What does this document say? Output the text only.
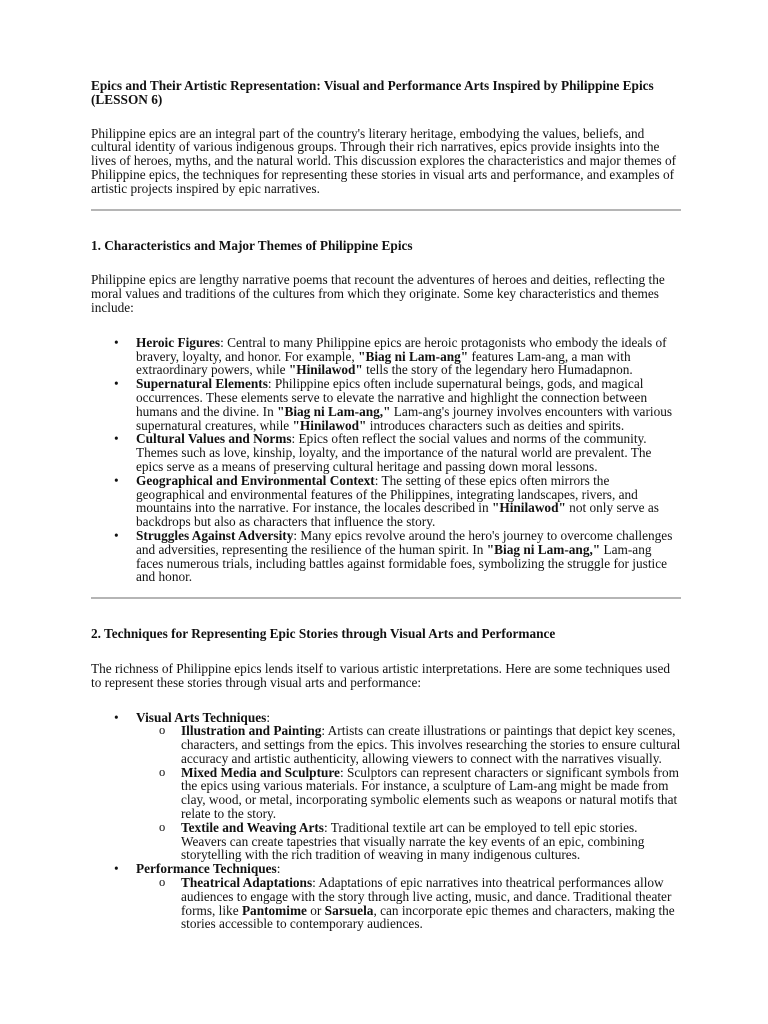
Epics and Their Artistic Representation: Visual and Performance Arts Inspired by Philippine Epics (LESSON 6)

Philippine epics are an integral part of the country's literary heritage, embodying the values, beliefs, and cultural identity of various indigenous groups. Through their rich narratives, epics provide insights into the lives of heroes, myths, and the natural world. This discussion explores the characteristics and major themes of Philippine epics, the techniques for representing these stories in visual arts and performance, and examples of artistic projects inspired by epic narratives.

1. Characteristics and Major Themes of Philippine Epics

Philippine epics are lengthy narrative poems that recount the adventures of heroes and deities, reflecting the moral values and traditions of the cultures from which they originate. Some key characteristics and themes include:

• Heroic Figures: Central to many Philippine epics are heroic protagonists who embody the ideals of bravery, loyalty, and honor. For example, "Biag ni Lam-ang" features Lam-ang, a man with extraordinary powers, while "Hinilawod" tells the story of the legendary hero Humadapnon.
• Supernatural Elements: Philippine epics often include supernatural beings, gods, and magical occurrences. These elements serve to elevate the narrative and highlight the connection between humans and the divine. In "Biag ni Lam-ang," Lam-ang's journey involves encounters with various supernatural creatures, while "Hinilawod" introduces characters such as deities and spirits.
• Cultural Values and Norms: Epics often reflect the social values and norms of the community. Themes such as love, kinship, loyalty, and the importance of the natural world are prevalent. The epics serve as a means of preserving cultural heritage and passing down moral lessons.
• Geographical and Environmental Context: The setting of these epics often mirrors the geographical and environmental features of the Philippines, integrating landscapes, rivers, and mountains into the narrative. For instance, the locales described in "Hinilawod" not only serve as backdrops but also as characters that influence the story.
• Struggles Against Adversity: Many epics revolve around the hero's journey to overcome challenges and adversities, representing the resilience of the human spirit. In "Biag ni Lam-ang," Lam-ang faces numerous trials, including battles against formidable foes, symbolizing the struggle for justice and honor.
2. Techniques for Representing Epic Stories through Visual Arts and Performance

The richness of Philippine epics lends itself to various artistic interpretations. Here are some techniques used to represent these stories through visual arts and performance:

• Visual Arts Techniques:
o Illustration and Painting: Artists can create illustrations or paintings that depict key scenes, characters, and settings from the epics. This involves researching the stories to ensure cultural accuracy and artistic authenticity, allowing viewers to connect with the narratives visually.
o Mixed Media and Sculpture: Sculptors can represent characters or significant symbols from the epics using various materials. For instance, a sculpture of Lam-ang might be made from clay, wood, or metal, incorporating symbolic elements such as weapons or natural motifs that relate to the story.
o Textile and Weaving Arts: Traditional textile art can be employed to tell epic stories. Weavers can create tapestries that visually narrate the key events of an epic, combining storytelling with the rich tradition of weaving in many indigenous cultures.
• Performance Techniques:
o Theatrical Adaptations: Adaptations of epic narratives into theatrical performances allow audiences to engage with the story through live acting, music, and dance. Traditional theater forms, like Pantomime or Sarsuela, can incorporate epic themes and characters, making the stories accessible to contemporary audiences.
